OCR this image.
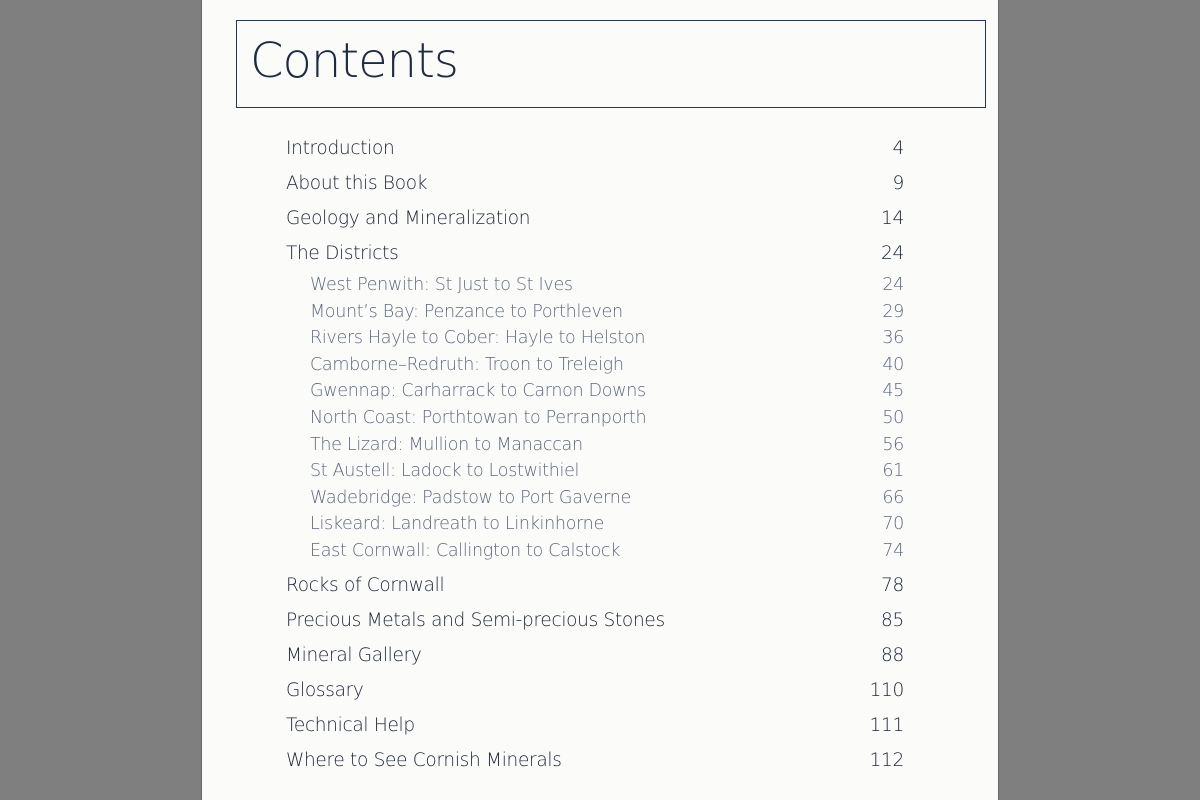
Contents
Introduction	4
About this Book	9
Geology and Mineralization	14
The Districts	24
West Penwith: St Just to St Ives	24
Mount’s Bay: Penzance to Porthleven	29
Rivers Hayle to Cober: Hayle to Helston	36
Camborne–Redruth: Troon to Treleigh	40
Gwennap: Carharrack to Carnon Downs	45
North Coast: Porthtowan to Perranporth	50
The Lizard: Mullion to Manaccan	56
St Austell: Ladock to Lostwithiel	61
Wadebridge: Padstow to Port Gaverne	66
Liskeard: Landreath to Linkinhorne	70
East Cornwall: Callington to Calstock	74
Rocks of Cornwall	78
Precious Metals and Semi-precious Stones	85
Mineral Gallery	88
Glossary	110
Technical Help	111
Where to See Cornish Minerals	112
